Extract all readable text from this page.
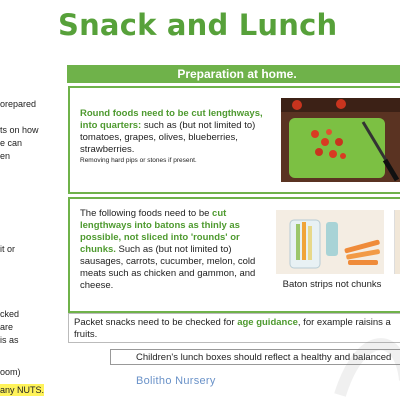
Snack and Lunch
orepared
ts on how
e can
en
it or
cked
are
is as
oom)
any NUTS.
Preparation at home.
Round foods need to be cut lengthways, into quarters: such as (but not limited to) tomatoes, grapes, olives, blueberries, strawberries.
Removing hard pips or stones if present.
The following foods need to be cut lengthways into batons as thinly as possible, not sliced into 'rounds' or chunks. Such as (but not limited to) sausages, carrots, cucumber, melon, cold meats such as chicken and gammon, and cheese.	Baton strips not chunks
Packet snacks need to be checked for age guidance, for example raisins a
fruits.
Children's lunch boxes should reflect a healthy and balanced
Bolitho Nursery
